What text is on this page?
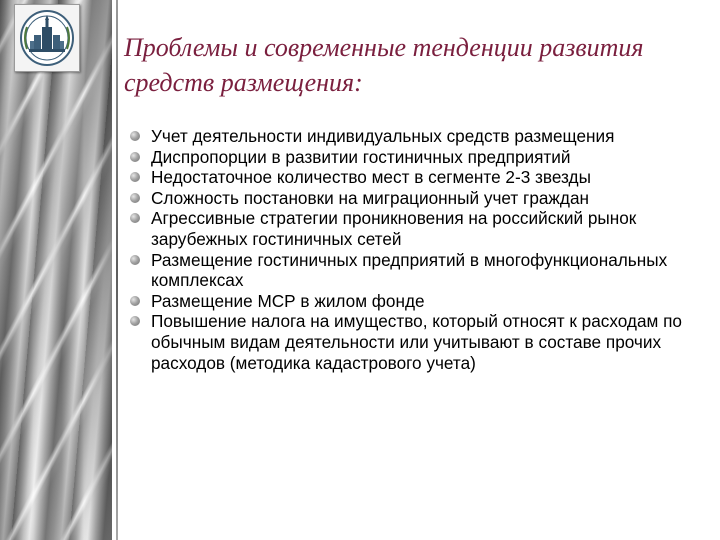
Проблемы и современные тенденции развития средств размещения:
Учет деятельности индивидуальных средств размещения
Диспропорции в развитии гостиничных предприятий
Недостаточное количество мест в сегменте 2-3 звезды
Сложность постановки на миграционный учет граждан
Агрессивные стратегии проникновения на российский рынок зарубежных гостиничных сетей
Размещение гостиничных предприятий в многофункциональных комплексах
Размещение МСР в жилом фонде
Повышение налога на имущество, который относят к расходам по обычным видам деятельности или учитывают в составе прочих расходов (методика кадастрового учета)
